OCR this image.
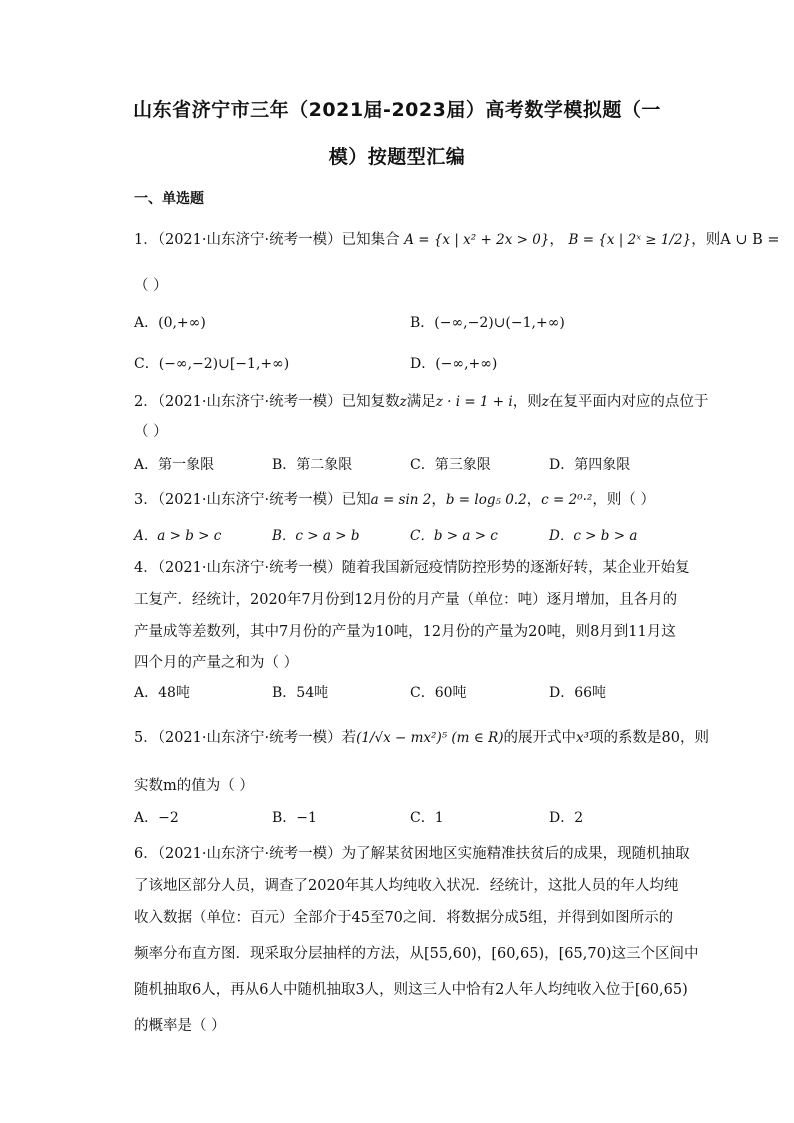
山东省济宁市三年（2021届-2023届）高考数学模拟题（一
模）按题型汇编
一、单选题
1．（2021·山东济宁·统考一模）已知集合 A = {x | x² + 2x > 0}， B = {x | 2ˣ ≥ 1/2}，则A ∪ B =
（ ）
A．(0,+∞)	B．(−∞,−2)∪(−1,+∞)
C．(−∞,−2)∪[−1,+∞)	D．(−∞,+∞)
2．（2021·山东济宁·统考一模）已知复数z满足z · i = 1 + i，则z在复平面内对应的点位于
（ ）
A．第一象限	B．第二象限	C．第三象限	D．第四象限
3．（2021·山东济宁·统考一模）已知a = sin 2，b = log₅ 0.2，c = 2⁰·²，则（ ）
A．a > b > c	B．c > a > b	C．b > a > c	D．c > b > a
4．（2021·山东济宁·统考一模）随着我国新冠疫情防控形势的逐渐好转，某企业开始复
工复产．经统计，2020年7月份到12月份的月产量（单位：吨）逐月增加，且各月的
产量成等差数列，其中7月份的产量为10吨，12月份的产量为20吨，则8月到11月这
四个月的产量之和为（ ）
A．48吨	B．54吨	C．60吨	D．66吨
5．（2021·山东济宁·统考一模）若(1/√x − mx²)⁵ (m ∈ R)的展开式中x³项的系数是80，则
实数m的值为（ ）
A．−2	B．−1	C．1	D．2
6．（2021·山东济宁·统考一模）为了解某贫困地区实施精准扶贫后的成果，现随机抽取
了该地区部分人员，调查了2020年其人均纯收入状况．经统计，这批人员的年人均纯
收入数据（单位：百元）全部介于45至70之间．将数据分成5组，并得到如图所示的
频率分布直方图．现采取分层抽样的方法，从[55,60)，[60,65)，[65,70)这三个区间中
随机抽取6人，再从6人中随机抽取3人，则这三人中恰有2人年人均纯收入位于[60,65)
的概率是（ ）
